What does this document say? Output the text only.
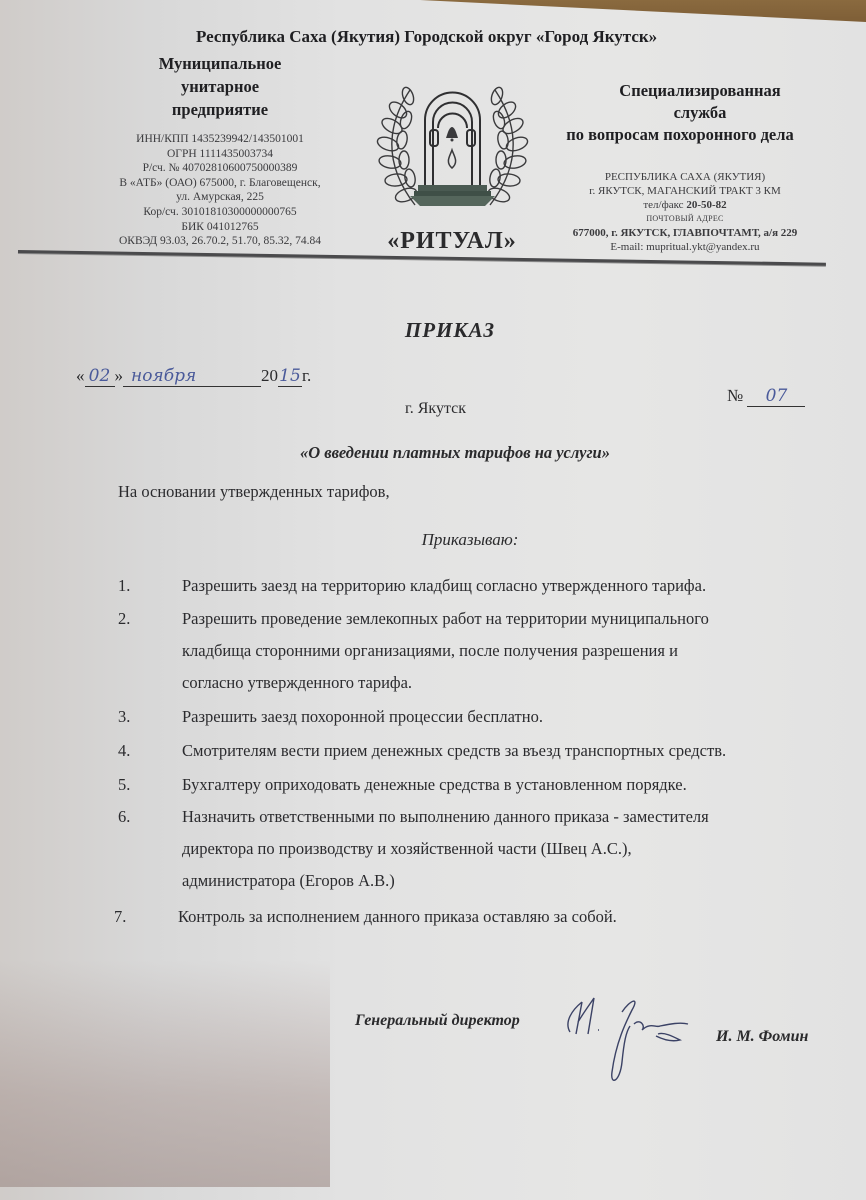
Республика Саха (Якутия) Городской округ «Город Якутск»
Муниципальное
унитарное
предприятие
ИНН/КПП 1435239942/143501001
ОГРН 1111435003734
Р/сч. № 40702810600750000389
В «АТБ» (ОАО) 675000, г. Благовещенск,
ул. Амурская, 225
Кор/сч. 30101810300000000765
БИК 041012765
ОКВЭД 93.03, 26.70.2, 51.70, 85.32, 74.84	«РИТУАЛ»
Специализированная
служба
по вопросам похоронного дела
РЕСПУБЛИКА САХА (ЯКУТИЯ)
г. ЯКУТСК, МАГАНСКИЙ ТРАКТ 3 КМ
тел/факс 20-50-82
ПОЧТОВЫЙ АДРЕС
677000, г. ЯКУТСК, ГЛАВПОЧТАМТ, а/я 229
E-mail: mupritual.ykt@yandex.ru
ПРИКАЗ
« 02 » ноября	2015г.
№ 07
г. Якутск
«О введении платных тарифов на услуги»
На основании утвержденных тарифов,
Приказываю:
1.	Разрешить заезд на территорию кладбищ согласно утвержденного тарифа.
2.	Разрешить проведение землекопных работ на территории муниципального
кладбища сторонними организациями, после получения разрешения и
согласно утвержденного тарифа.
3.	Разрешить заезд похоронной процессии бесплатно.
4.	Смотрителям вести прием денежных средств за въезд транспортных средств.
5.	Бухгалтеру оприходовать денежные средства в установленном порядке.
6.	Назначить ответственными по выполнению данного приказа - заместителя
директора по производству и хозяйственной части (Швец А.С.),
администратора (Егоров А.В.)
7.	Контроль за исполнением данного приказа оставляю за собой.
Генеральный директор
И. М. Фомин
